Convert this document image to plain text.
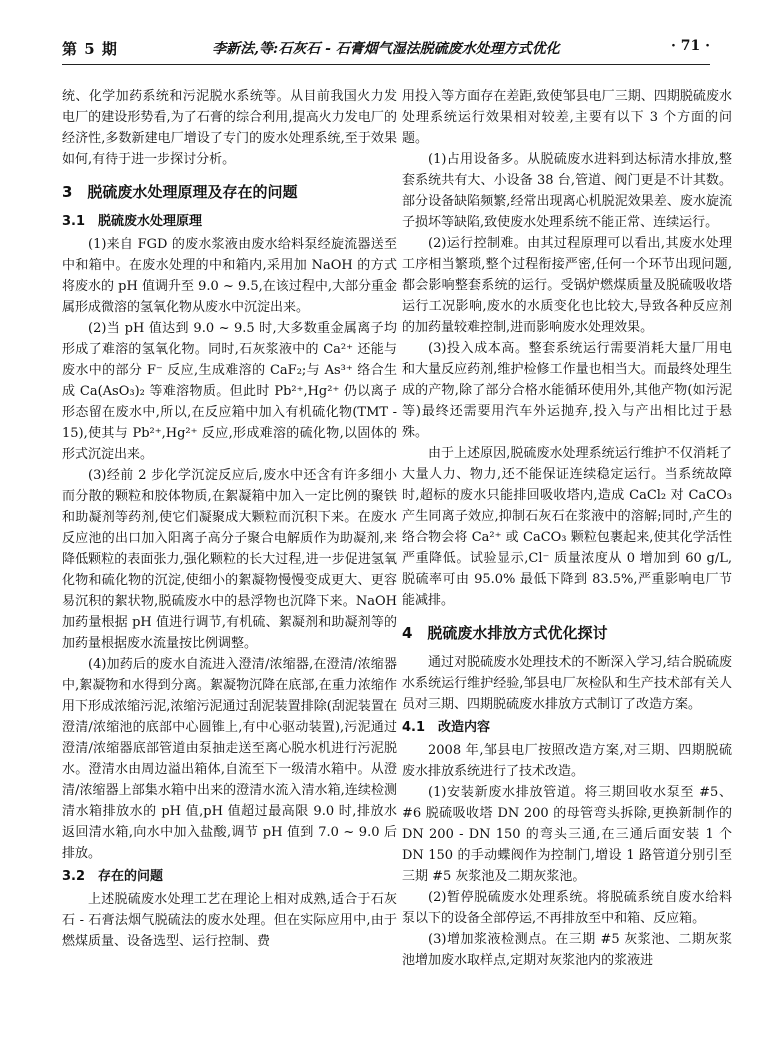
第 5 期	李新法,等:石灰石 - 石膏烟气湿法脱硫废水处理方式优化	· 71 ·

统、化学加药系统和污泥脱水系统等。从目前我国火力发电厂的建设形势看,为了石膏的综合利用,提高火力发电厂的经济性,多数新建电厂增设了专门的废水处理系统,至于效果如何,有待于进一步探讨分析。

3　脱硫废水处理原理及存在的问题
3.1　脱硫废水处理原理

(1)来自 FGD 的废水浆液由废水给料泵经旋流器送至中和箱中。在废水处理的中和箱内,采用加 NaOH 的方式将废水的 pH 值调升至 9.0 ~ 9.5,在该过程中,大部分重金属形成微溶的氢氧化物从废水中沉淀出来。

(2)当 pH 值达到 9.0 ~ 9.5 时,大多数重金属离子均形成了难溶的氢氧化物。同时,石灰浆液中的 Ca²⁺ 还能与废水中的部分 F⁻ 反应,生成难溶的 CaF₂;与 As³⁺ 络合生成 Ca(AsO₃)₂ 等难溶物质。但此时 Pb²⁺,Hg²⁺ 仍以离子形态留在废水中,所以,在反应箱中加入有机硫化物(TMT - 15),使其与 Pb²⁺,Hg²⁺ 反应,形成难溶的硫化物,以固体的形式沉淀出来。

(3)经前 2 步化学沉淀反应后,废水中还含有许多细小而分散的颗粒和胶体物质,在絮凝箱中加入一定比例的聚铁和助凝剂等药剂,使它们凝聚成大颗粒而沉积下来。在废水反应池的出口加入阳离子高分子聚合电解质作为助凝剂,来降低颗粒的表面张力,强化颗粒的长大过程,进一步促进氢氧化物和硫化物的沉淀,使细小的絮凝物慢慢变成更大、更容易沉积的絮状物,脱硫废水中的悬浮物也沉降下来。NaOH 加药量根据 pH 值进行调节,有机硫、絮凝剂和助凝剂等的加药量根据废水流量按比例调整。

(4)加药后的废水自流进入澄清/浓缩器,在澄清/浓缩器中,絮凝物和水得到分离。絮凝物沉降在底部,在重力浓缩作用下形成浓缩污泥,浓缩污泥通过刮泥装置排除(刮泥装置在澄清/浓缩池的底部中心圆锥上,有中心驱动装置),污泥通过澄清/浓缩器底部管道由泵抽走送至离心脱水机进行污泥脱水。澄清水由周边溢出箱体,自流至下一级清水箱中。从澄清/浓缩器上部集水箱中出来的澄清水流入清水箱,连续检测清水箱排放水的 pH 值,pH 值超过最高限 9.0 时,排放水返回清水箱,向水中加入盐酸,调节 pH 值到 7.0 ~ 9.0 后排放。

3.2　存在的问题

上述脱硫废水处理工艺在理论上相对成熟,适合于石灰石 - 石膏法烟气脱硫法的废水处理。但在实际应用中,由于燃煤质量、设备选型、运行控制、费

用投入等方面存在差距,致使邹县电厂三期、四期脱硫废水处理系统运行效果相对较差,主要有以下 3 个方面的问题。

(1)占用设备多。从脱硫废水进料到达标清水排放,整套系统共有大、小设备 38 台,管道、阀门更是不计其数。部分设备缺陷频繁,经常出现离心机脱泥效果差、废水旋流子损坏等缺陷,致使废水处理系统不能正常、连续运行。

(2)运行控制难。由其过程原理可以看出,其废水处理工序相当繁琐,整个过程衔接严密,任何一个环节出现问题,都会影响整套系统的运行。受锅炉燃煤质量及脱硫吸收塔运行工况影响,废水的水质变化也比较大,导致各种反应剂的加药量较难控制,进而影响废水处理效果。

(3)投入成本高。整套系统运行需要消耗大量厂用电和大量反应药剂,维护检修工作量也相当大。而最终处理生成的产物,除了部分合格水能循环使用外,其他产物(如污泥等)最终还需要用汽车外运抛弃,投入与产出相比过于悬殊。

由于上述原因,脱硫废水处理系统运行维护不仅消耗了大量人力、物力,还不能保证连续稳定运行。当系统故障时,超标的废水只能排回吸收塔内,造成 CaCl₂ 对 CaCO₃ 产生同离子效应,抑制石灰石在浆液中的溶解;同时,产生的络合物会将 Ca²⁺ 或 CaCO₃ 颗粒包裹起来,使其化学活性严重降低。试验显示,Cl⁻ 质量浓度从 0 增加到 60 g/L,脱硫率可由 95.0% 最低下降到 83.5%,严重影响电厂节能减排。

4　脱硫废水排放方式优化探讨

通过对脱硫废水处理技术的不断深入学习,结合脱硫废水系统运行维护经验,邹县电厂灰检队和生产技术部有关人员对三期、四期脱硫废水排放方式制订了改造方案。

4.1　改造内容

2008 年,邹县电厂按照改造方案,对三期、四期脱硫废水排放系统进行了技术改造。

(1)安装新废水排放管道。将三期回收水泵至 #5、#6 脱硫吸收塔 DN 200 的母管弯头拆除,更换新制作的 DN 200 - DN 150 的弯头三通,在三通后面安装 1 个 DN 150 的手动蝶阀作为控制门,增设 1 路管道分别引至三期 #5 灰浆池及二期灰浆池。

(2)暂停脱硫废水处理系统。将脱硫系统自废水给料泵以下的设备全部停运,不再排放至中和箱、反应箱。

(3)增加浆液检测点。在三期 #5 灰浆池、二期灰浆池增加废水取样点,定期对灰浆池内的浆液进
